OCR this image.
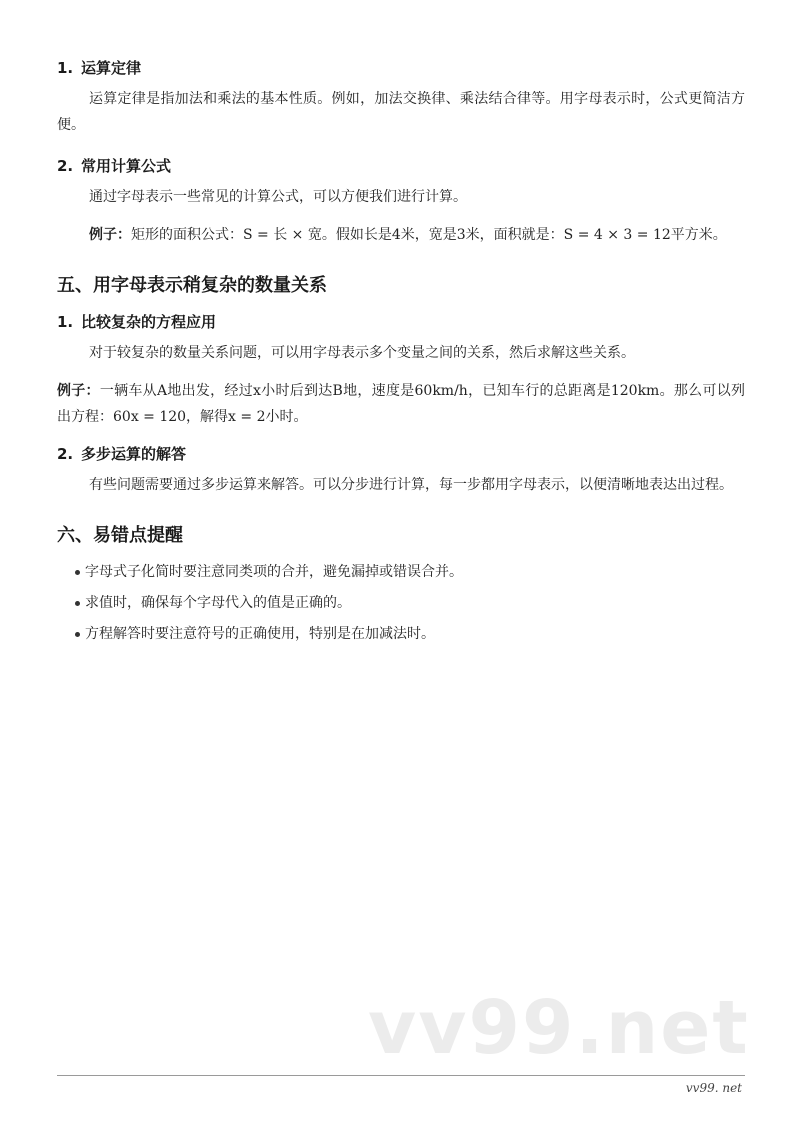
vv99.net
1. 运算定律

运算定律是指加法和乘法的基本性质。例如，加法交换律、乘法结合律等。用字母表示时，公式更简洁方便。

2. 常用计算公式

通过字母表示一些常见的计算公式，可以方便我们进行计算。

例子：矩形的面积公式：S = 长 × 宽。假如长是4米，宽是3米，面积就是：S = 4 × 3 = 12平方米。

五、用字母表示稍复杂的数量关系
1. 比较复杂的方程应用

对于较复杂的数量关系问题，可以用字母表示多个变量之间的关系，然后求解这些关系。

例子：一辆车从A地出发，经过x小时后到达B地，速度是60km/h，已知车行的总距离是120km。那么可以列出方程：60x = 120，解得x = 2小时。

2. 多步运算的解答

有些问题需要通过多步运算来解答。可以分步进行计算，每一步都用字母表示，以便清晰地表达出过程。

六、易错点提醒
字母式子化简时要注意同类项的合并，避免漏掉或错误合并。
求值时，确保每个字母代入的值是正确的。
方程解答时要注意符号的正确使用，特别是在加减法时。
vv99. net
